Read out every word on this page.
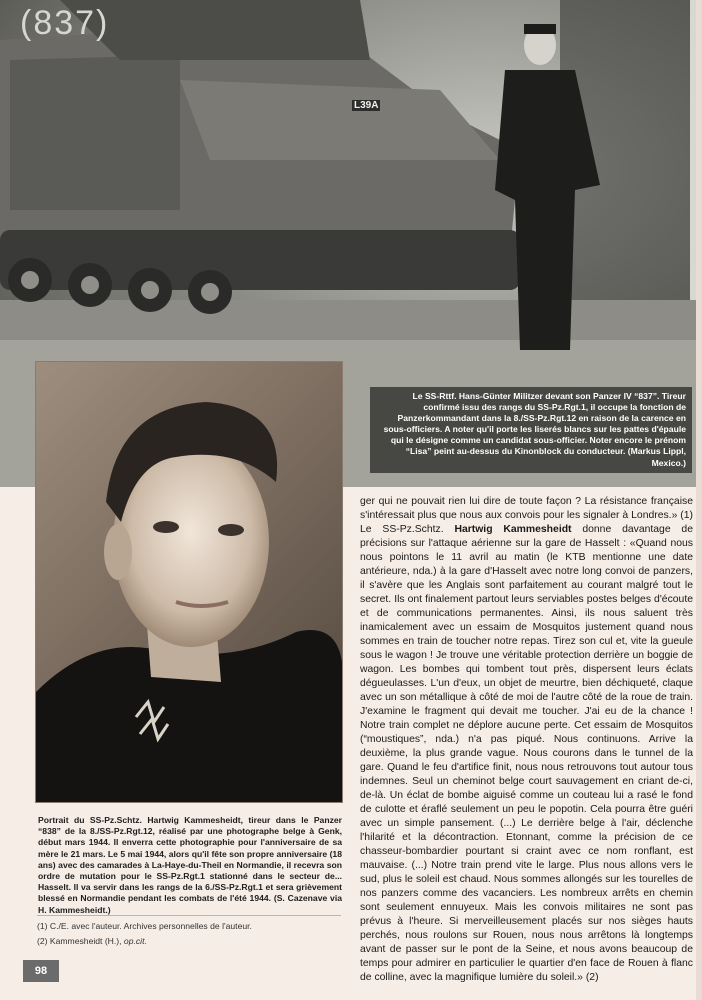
(837)
L39A
Le SS-Rttf. Hans-Günter Militzer devant son Panzer IV “837”. Tireur confirmé issu des rangs du SS-Pz.Rgt.1, il occupe la fonction de Panzerkommandant dans la 8./SS-Pz.Rgt.12 en raison de la carence en sous-officiers. A noter qu'il porte les liserés blancs sur les pattes d'épaule qui le désigne comme un candidat sous-officier. Noter encore le prénom “Lisa” peint au-dessus du Kinonblock du conducteur. (Markus Lippl, Mexico.)
Portrait du SS-Pz.Schtz. Hartwig Kammesheidt, tireur dans le Panzer “838” de la 8./SS-Pz.Rgt.12, réalisé par une photographe belge à Genk, début mars 1944. Il enverra cette photographie pour l'anniversaire de sa mère le 21 mars. Le 5 mai 1944, alors qu'il fête son propre anniversaire (18 ans) avec des camarades à La-Haye-du-Theil en Normandie, il recevra son ordre de mutation pour le SS-Pz.Rgt.1 stationné dans le secteur de... Hasselt. Il va servir dans les rangs de la 6./SS-Pz.Rgt.1 et sera grièvement blessé en Normandie pendant les combats de l'été 1944. (S. Cazenave via H. Kammesheidt.)

(1) C./E. avec l'auteur. Archives personnelles de l'auteur.

(2) Kammesheidt (H.), op.cit.

98

ger qui ne pouvait rien lui dire de toute façon ? La résistance française s'intéressait plus que nous aux convois pour les signaler à Londres.» (1) Le SS-Pz.Schtz. Hartwig Kammesheidt donne davantage de précisions sur l'attaque aérienne sur la gare de Hasselt : «Quand nous nous pointons le 11 avril au matin (le KTB mentionne une date antérieure, nda.) à la gare d'Hasselt avec notre long convoi de panzers, il s'avère que les Anglais sont parfaitement au courant malgré tout le secret. Ils ont finalement partout leurs serviables postes belges d'écoute et de communications permanentes. Ainsi, ils nous saluent très inamicalement avec un essaim de Mosquitos justement quand nous sommes en train de toucher notre repas. Tirez son cul et, vite la gueule sous le wagon ! Je trouve une véritable protection derrière un boggie de wagon. Les bombes qui tombent tout près, dispersent leurs éclats dégueulasses. L'un d'eux, un objet de meurtre, bien déchiqueté, claque avec un son métallique à côté de moi de l'autre côté de la roue de train. J'examine le fragment qui devait me toucher. J'ai eu de la chance ! Notre train complet ne déplore aucune perte. Cet essaim de Mosquitos (“moustiques”, nda.) n'a pas piqué. Nous continuons. Arrive la deuxième, la plus grande vague. Nous courons dans le tunnel de la gare. Quand le feu d'artifice finit, nous nous retrouvons tout autour tous indemnes. Seul un cheminot belge court sauvagement en criant de-ci, de-là. Un éclat de bombe aiguisé comme un couteau lui a rasé le fond de culotte et éraflé seulement un peu le popotin. Cela pourra être guéri avec un simple pansement. (...) Le derrière belge à l'air, déclenche l'hilarité et la décontraction. Etonnant, comme la précision de ce chasseur-bombardier pourtant si craint avec ce nom ronflant, est mauvaise. (...) Notre train prend vite le large. Plus nous allons vers le sud, plus le soleil est chaud. Nous sommes allongés sur les tourelles de nos panzers comme des vacanciers. Les nombreux arrêts en chemin sont seulement ennuyeux. Mais les convois militaires ne sont pas prévus à l'heure. Si merveilleusement placés sur nos sièges hauts perchés, nous roulons sur Rouen, nous nous arrêtons là longtemps avant de passer sur le pont de la Seine, et nous avons beaucoup de temps pour admirer en particulier le quartier d'en face de Rouen à flanc de colline, avec la magnifique lumière du soleil.» (2)
